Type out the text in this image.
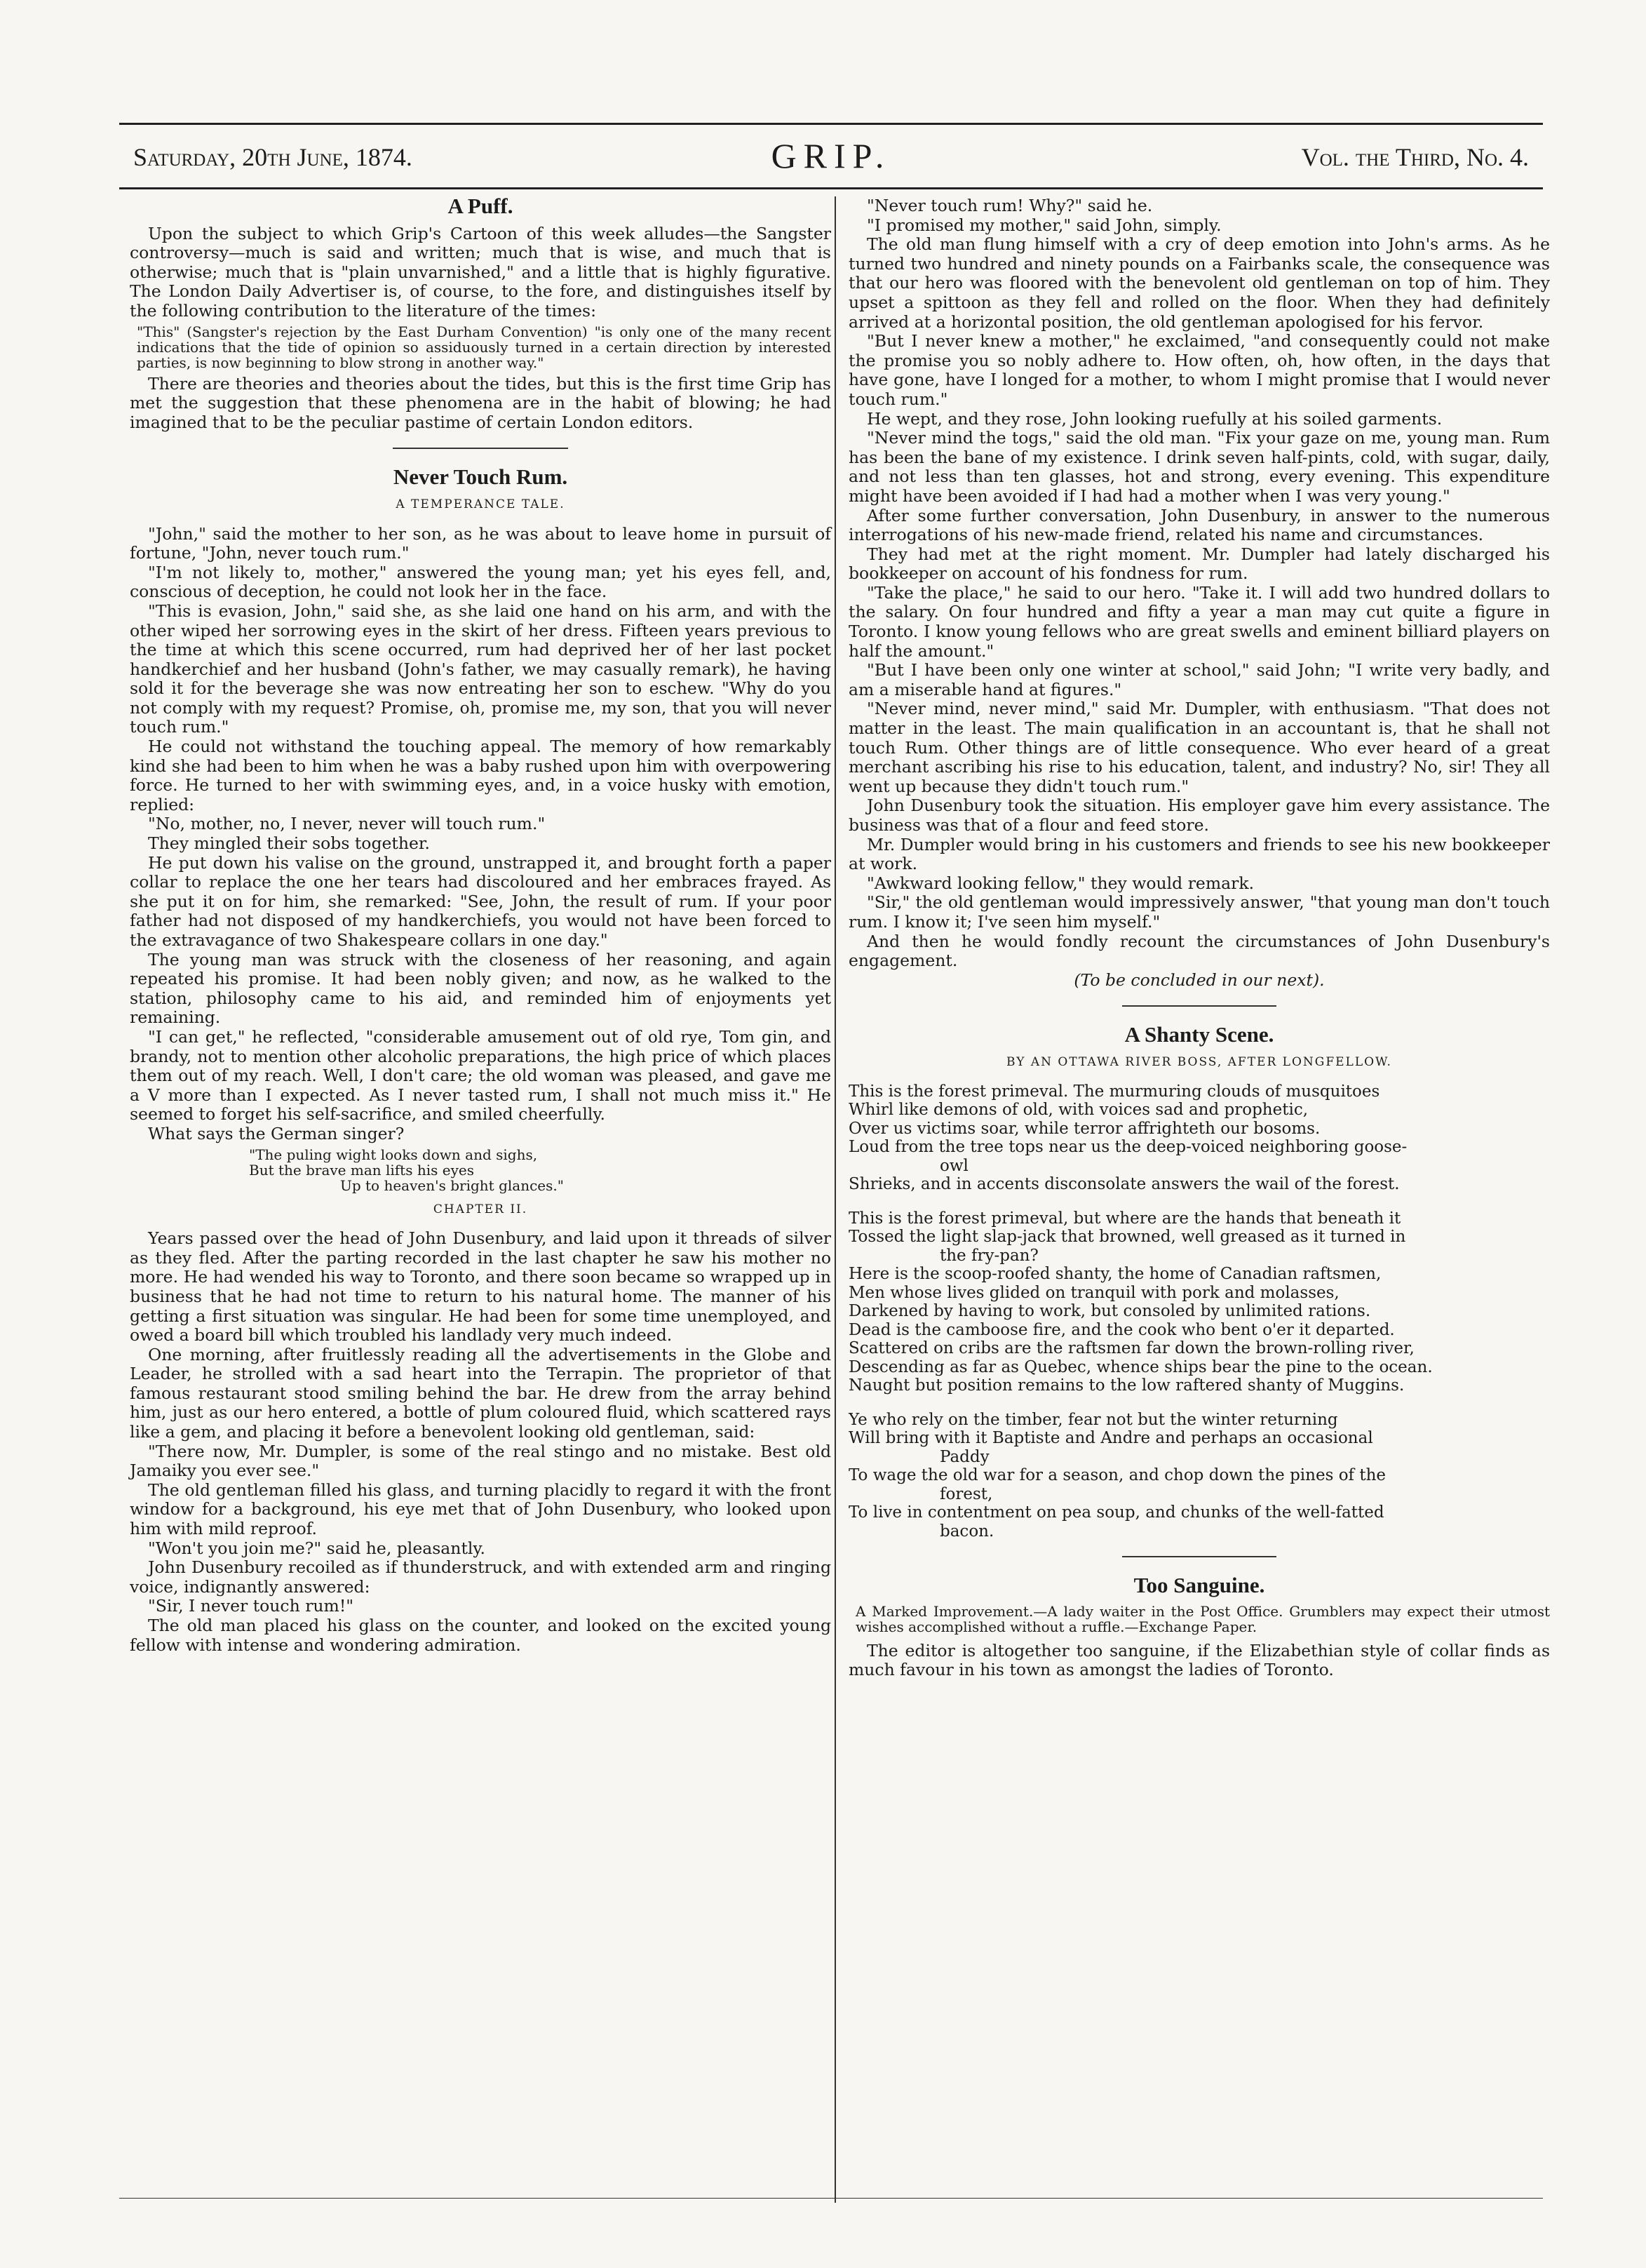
Saturday, 20th June, 1874.	GRIP.	Vol. the Third, No. 4.
A Puff.

Upon the subject to which Grip's Cartoon of this week alludes—the Sangster controversy—much is said and written; much that is wise, and much that is otherwise; much that is "plain unvarnished," and a little that is highly figurative. The London Daily Advertiser is, of course, to the fore, and distinguishes itself by the following contribution to the literature of the times:

"This" (Sangster's rejection by the East Durham Convention) "is only one of the many recent indications that the tide of opinion so assiduously turned in a certain direction by interested parties, is now beginning to blow strong in another way."

There are theories and theories about the tides, but this is the first time Grip has met the suggestion that these phenomena are in the habit of blowing; he had imagined that to be the peculiar pastime of certain London editors.

Never Touch Rum.
A TEMPERANCE TALE.

"John," said the mother to her son, as he was about to leave home in pursuit of fortune, "John, never touch rum."

"I'm not likely to, mother," answered the young man; yet his eyes fell, and, conscious of deception, he could not look her in the face.

"This is evasion, John," said she, as she laid one hand on his arm, and with the other wiped her sorrowing eyes in the skirt of her dress. Fifteen years previous to the time at which this scene occurred, rum had deprived her of her last pocket handkerchief and her husband (John's father, we may casually remark), he having sold it for the beverage she was now entreating her son to eschew. "Why do you not comply with my request? Promise, oh, promise me, my son, that you will never touch rum."

He could not withstand the touching appeal. The memory of how remarkably kind she had been to him when he was a baby rushed upon him with overpowering force. He turned to her with swimming eyes, and, in a voice husky with emotion, replied:

"No, mother, no, I never, never will touch rum."

They mingled their sobs together.

He put down his valise on the ground, unstrapped it, and brought forth a paper collar to replace the one her tears had discoloured and her embraces frayed. As she put it on for him, she remarked: "See, John, the result of rum. If your poor father had not disposed of my handkerchiefs, you would not have been forced to the extravagance of two Shakespeare collars in one day."

The young man was struck with the closeness of her reasoning, and again repeated his promise. It had been nobly given; and now, as he walked to the station, philosophy came to his aid, and reminded him of enjoyments yet remaining.

"I can get," he reflected, "considerable amusement out of old rye, Tom gin, and brandy, not to mention other alcoholic preparations, the high price of which places them out of my reach. Well, I don't care; the old woman was pleased, and gave me a V more than I expected. As I never tasted rum, I shall not much miss it." He seemed to forget his self-sacrifice, and smiled cheerfully.

What says the German singer?

"The puling wight looks down and sighs,
But the brave man lifts his eyes
Up to heaven's bright glances."
CHAPTER II.

Years passed over the head of John Dusenbury, and laid upon it threads of silver as they fled. After the parting recorded in the last chapter he saw his mother no more. He had wended his way to Toronto, and there soon became so wrapped up in business that he had not time to return to his natural home. The manner of his getting a first situation was singular. He had been for some time unemployed, and owed a board bill which troubled his landlady very much indeed.

One morning, after fruitlessly reading all the advertisements in the Globe and Leader, he strolled with a sad heart into the Terrapin. The proprietor of that famous restaurant stood smiling behind the bar. He drew from the array behind him, just as our hero entered, a bottle of plum coloured fluid, which scattered rays like a gem, and placing it before a benevolent looking old gentleman, said:

"There now, Mr. Dumpler, is some of the real stingo and no mistake. Best old Jamaiky you ever see."

The old gentleman filled his glass, and turning placidly to regard it with the front window for a background, his eye met that of John Dusenbury, who looked upon him with mild reproof.

"Won't you join me?" said he, pleasantly.

John Dusenbury recoiled as if thunderstruck, and with extended arm and ringing voice, indignantly answered:

"Sir, I never touch rum!"

The old man placed his glass on the counter, and looked on the excited young fellow with intense and wondering admiration.

"Never touch rum! Why?" said he.

"I promised my mother," said John, simply.

The old man flung himself with a cry of deep emotion into John's arms. As he turned two hundred and ninety pounds on a Fairbanks scale, the consequence was that our hero was floored with the benevolent old gentleman on top of him. They upset a spittoon as they fell and rolled on the floor. When they had definitely arrived at a horizontal position, the old gentleman apologised for his fervor.

"But I never knew a mother," he exclaimed, "and consequently could not make the promise you so nobly adhere to. How often, oh, how often, in the days that have gone, have I longed for a mother, to whom I might promise that I would never touch rum."

He wept, and they rose, John looking ruefully at his soiled garments.

"Never mind the togs," said the old man. "Fix your gaze on me, young man. Rum has been the bane of my existence. I drink seven half-pints, cold, with sugar, daily, and not less than ten glasses, hot and strong, every evening. This expenditure might have been avoided if I had had a mother when I was very young."

After some further conversation, John Dusenbury, in answer to the numerous interrogations of his new-made friend, related his name and circumstances.

They had met at the right moment. Mr. Dumpler had lately discharged his bookkeeper on account of his fondness for rum.

"Take the place," he said to our hero. "Take it. I will add two hundred dollars to the salary. On four hundred and fifty a year a man may cut quite a figure in Toronto. I know young fellows who are great swells and eminent billiard players on half the amount."

"But I have been only one winter at school," said John; "I write very badly, and am a miserable hand at figures."

"Never mind, never mind," said Mr. Dumpler, with enthusiasm. "That does not matter in the least. The main qualification in an accountant is, that he shall not touch Rum. Other things are of little consequence. Who ever heard of a great merchant ascribing his rise to his education, talent, and industry? No, sir! They all went up because they didn't touch rum."

John Dusenbury took the situation. His employer gave him every assistance. The business was that of a flour and feed store.

Mr. Dumpler would bring in his customers and friends to see his new bookkeeper at work.

"Awkward looking fellow," they would remark.

"Sir," the old gentleman would impressively answer, "that young man don't touch rum. I know it; I've seen him myself."

And then he would fondly recount the circumstances of John Dusenbury's engagement.

(To be concluded in our next).

A Shanty Scene.
BY AN OTTAWA RIVER BOSS, AFTER LONGFELLOW.
This is the forest primeval. The murmuring clouds of musquitoes
Whirl like demons of old, with voices sad and prophetic,
Over us victims soar, while terror affrighteth our bosoms.
Loud from the tree tops near us the deep-voiced neighboring goose-
owl
Shrieks, and in accents disconsolate answers the wail of the forest.
This is the forest primeval, but where are the hands that beneath it
Tossed the light slap-jack that browned, well greased as it turned in
the fry-pan?
Here is the scoop-roofed shanty, the home of Canadian raftsmen,
Men whose lives glided on tranquil with pork and molasses,
Darkened by having to work, but consoled by unlimited rations.
Dead is the camboose fire, and the cook who bent o'er it departed.
Scattered on cribs are the raftsmen far down the brown-rolling river,
Descending as far as Quebec, whence ships bear the pine to the ocean.
Naught but position remains to the low raftered shanty of Muggins.
Ye who rely on the timber, fear not but the winter returning
Will bring with it Baptiste and Andre and perhaps an occasional
Paddy
To wage the old war for a season, and chop down the pines of the
forest,
To live in contentment on pea soup, and chunks of the well-fatted
bacon.
Too Sanguine.

A Marked Improvement.—A lady waiter in the Post Office. Grumblers may expect their utmost wishes accomplished without a ruffle.—Exchange Paper.

The editor is altogether too sanguine, if the Elizabethian style of collar finds as much favour in his town as amongst the ladies of Toronto.
